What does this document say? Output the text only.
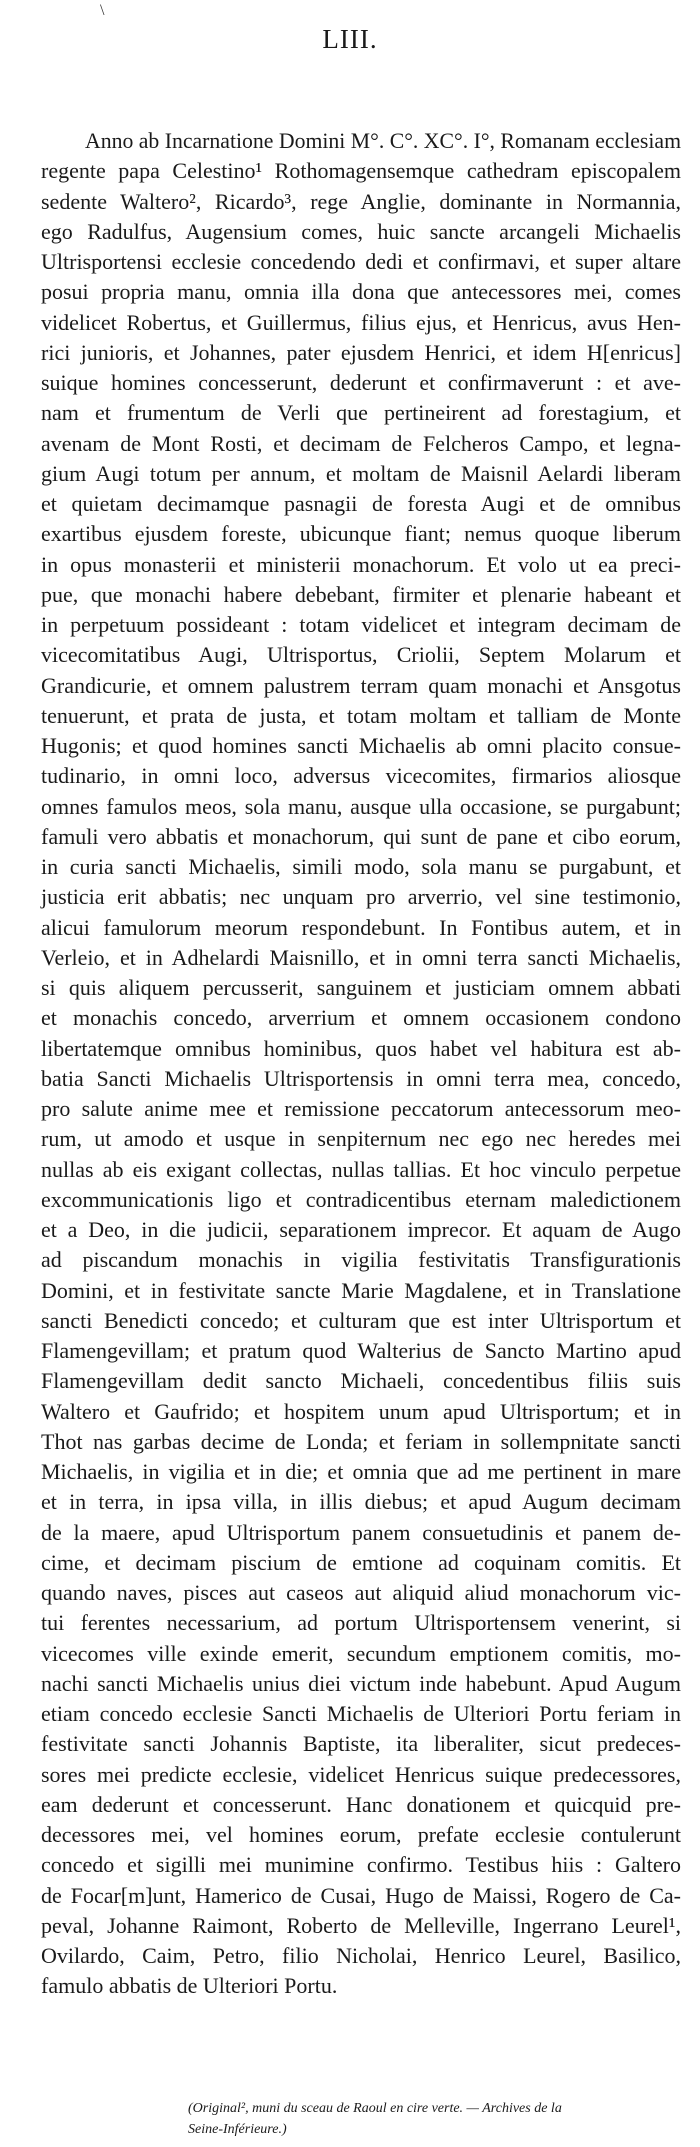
\
LIII.
Anno ab Incarnatione Domini M°. C°. XC°. I°, Romanam ecclesiam
regente papa Celestino¹ Rothomagensemque cathedram episcopalem
sedente Waltero², Ricardo³, rege Anglie, dominante in Normannia,
ego Radulfus, Augensium comes, huic sancte arcangeli Michaelis
Ultrisportensi ecclesie concedendo dedi et confirmavi, et super altare
posui propria manu, omnia illa dona que antecessores mei, comes
videlicet Robertus, et Guillermus, filius ejus, et Henricus, avus Hen-
rici junioris, et Johannes, pater ejusdem Henrici, et idem H[enricus]
suique homines concesserunt, dederunt et confirmaverunt : et ave-
nam et frumentum de Verli que pertineirent ad forestagium, et
avenam de Mont Rosti, et decimam de Felcheros Campo, et legna-
gium Augi totum per annum, et moltam de Maisnil Aelardi liberam
et quietam decimamque pasnagii de foresta Augi et de omnibus
exartibus ejusdem foreste, ubicunque fiant; nemus quoque liberum
in opus monasterii et ministerii monachorum. Et volo ut ea preci-
pue, que monachi habere debebant, firmiter et plenarie habeant et
in perpetuum possideant : totam videlicet et integram decimam de
vicecomitatibus Augi, Ultrisportus, Criolii, Septem Molarum et
Grandicurie, et omnem palustrem terram quam monachi et Ansgotus
tenuerunt, et prata de justa, et totam moltam et talliam de Monte
Hugonis; et quod homines sancti Michaelis ab omni placito consue-
tudinario, in omni loco, adversus vicecomites, firmarios aliosque
omnes famulos meos, sola manu, ausque ulla occasione, se purgabunt;
famuli vero abbatis et monachorum, qui sunt de pane et cibo eorum,
in curia sancti Michaelis, simili modo, sola manu se purgabunt, et
justicia erit abbatis; nec unquam pro arverrio, vel sine testimonio,
alicui famulorum meorum respondebunt. In Fontibus autem, et in
Verleio, et in Adhelardi Maisnillo, et in omni terra sancti Michaelis,
si quis aliquem percusserit, sanguinem et justiciam omnem abbati
et monachis concedo, arverrium et omnem occasionem condono
libertatemque omnibus hominibus, quos habet vel habitura est ab-
batia Sancti Michaelis Ultrisportensis in omni terra mea, concedo,
pro salute anime mee et remissione peccatorum antecessorum meo-
rum, ut amodo et usque in senpiternum nec ego nec heredes mei
nullas ab eis exigant collectas, nullas tallias. Et hoc vinculo perpetue
excommunicationis ligo et contradicentibus eternam maledictionem
et a Deo, in die judicii, separationem imprecor. Et aquam de Augo
ad piscandum monachis in vigilia festivitatis Transfigurationis
Domini, et in festivitate sancte Marie Magdalene, et in Translatione
sancti Benedicti concedo; et culturam que est inter Ultrisportum et
Flamengevillam; et pratum quod Walterius de Sancto Martino apud
Flamengevillam dedit sancto Michaeli, concedentibus filiis suis
Waltero et Gaufrido; et hospitem unum apud Ultrisportum; et in
Thot nas garbas decime de Londa; et feriam in sollempnitate sancti
Michaelis, in vigilia et in die; et omnia que ad me pertinent in mare
et in terra, in ipsa villa, in illis diebus; et apud Augum decimam
de la maere, apud Ultrisportum panem consuetudinis et panem de-
cime, et decimam piscium de emtione ad coquinam comitis. Et
quando naves, pisces aut caseos aut aliquid aliud monachorum vic-
tui ferentes necessarium, ad portum Ultrisportensem venerint, si
vicecomes ville exinde emerit, secundum emptionem comitis, mo-
nachi sancti Michaelis unius diei victum inde habebunt. Apud Augum
etiam concedo ecclesie Sancti Michaelis de Ulteriori Portu feriam in
festivitate sancti Johannis Baptiste, ita liberaliter, sicut predeces-
sores mei predicte ecclesie, videlicet Henricus suique predecessores,
eam dederunt et concesserunt. Hanc donationem et quicquid pre-
decessores mei, vel homines eorum, prefate ecclesie contulerunt
concedo et sigilli mei munimine confirmo. Testibus hiis : Galtero
de Focar[m]unt, Hamerico de Cusai, Hugo de Maissi, Rogero de Ca-
peval, Johanne Raimont, Roberto de Melleville, Ingerrano Leurel¹,
Ovilardo, Caim, Petro, filio Nicholai, Henrico Leurel, Basilico,
famulo abbatis de Ulteriori Portu.
(Original², muni du sceau de Raoul en cire verte. — Archives de la
Seine-Inférieure.)
